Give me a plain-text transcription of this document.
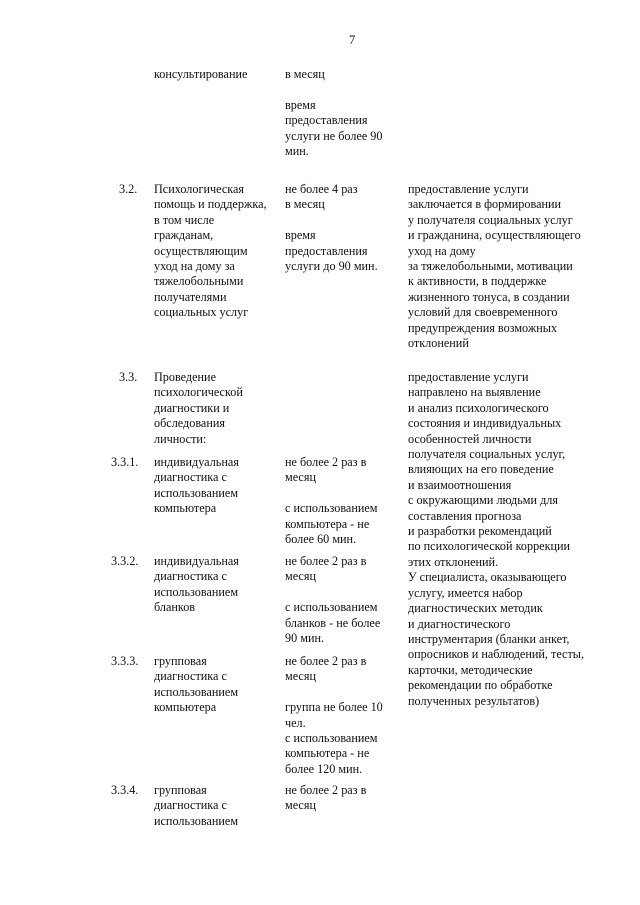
7
консультирование	в месяц

время
предоставления
услуги не более 90
мин.
3.2. Психологическая
помощь и поддержка,
в том числе
гражданам,
осуществляющим
уход на дому за
тяжелобольными
получателями
социальных услуг
не более 4 раз
в месяц

время
предоставления
услуги до 90 мин.
предоставление услуги
заключается в формировании
у получателя социальных услуг
и гражданина, осуществляющего
уход на дому
за тяжелобольными, мотивации
к активности, в поддержке
жизненного тонуса, в создании
условий для своевременного
предупреждения возможных
отклонений
3.3. Проведение
психологической
диагностики и
обследования
личности:
предоставление услуги
направлено на выявление
и анализ психологического
состояния и индивидуальных
особенностей личности
получателя социальных услуг,
влияющих на его поведение
и взаимоотношения
с окружающими людьми для
составления прогноза
и разработки рекомендаций
по психологической коррекции
этих отклонений.
У специалиста, оказывающего
услугу, имеется набор
диагностических методик
и диагностического
инструментария (бланки анкет,
опросников и наблюдений, тесты,
карточки, методические
рекомендации по обработке
полученных результатов)
3.3.1. индивидуальная
диагностика с
использованием
компьютера
не более 2 раз в
месяц

с использованием
компьютера - не
более 60 мин.
3.3.2. индивидуальная
диагностика с
использованием
бланков
не более 2 раз в
месяц

с использованием
бланков - не более
90 мин.
3.3.3. групповая
диагностика с
использованием
компьютера
не более 2 раз в
месяц

группа не более 10
чел.
с использованием
компьютера - не
более 120 мин.
3.3.4. групповая
диагностика с
использованием
не более 2 раз в
месяц
